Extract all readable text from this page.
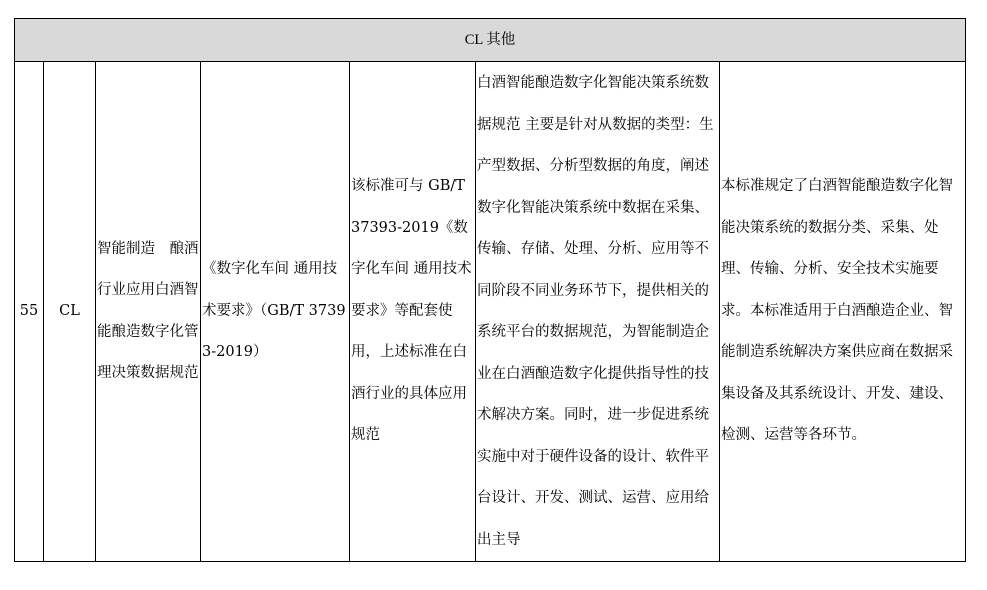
CL 其他
55	CL	智能制造　酿酒行业应用白酒智能酿造数字化管理决策数据规范	《数字化车间 通用技术要求》（GB/T 37393-2019）	该标准可与 GB/T 37393-2019《数字化车间 通用技术要求》等配套使用，上述标准在白酒行业的具体应用规范	白酒智能酿造数字化智能决策系统数据规范 主要是针对从数据的类型：生产型数据、分析型数据的角度，阐述数字化智能决策系统中数据在采集、传输、存储、处理、分析、应用等不同阶段不同业务环节下，提供相关的系统平台的数据规范，为智能制造企业在白酒酿造数字化提供指导性的技术解决方案。同时，进一步促进系统实施中对于硬件设备的设计、软件平台设计、开发、测试、运营、应用给出主导	本标准规定了白酒智能酿造数字化智能决策系统的数据分类、采集、处理、传输、分析、安全技术实施要求。本标准适用于白酒酿造企业、智能制造系统解决方案供应商在数据采集设备及其系统设计、开发、建设、检测、运营等各环节。
